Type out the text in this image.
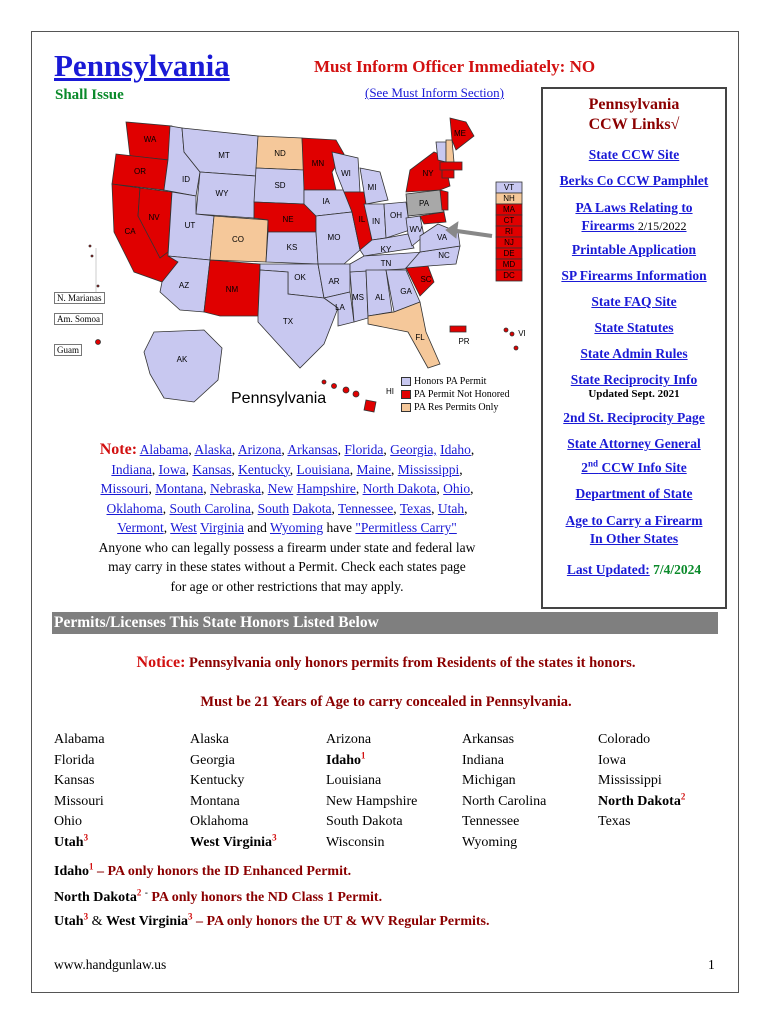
Pennsylvania
Shall Issue
Must Inform Officer Immediately: NO
(See Must Inform Section)
WA
OR
CA
NV
ID
MT
WY
UT
AZ
CO
NM
ND
SD
NE
KS
OK
TX
MN
IA
MO
AR
LA
WI
IL
MS
MI
IN
KY
TN
AL
OH
WV
GA
FL
SC
NC
VA
PA
NY
ME
AK
HI
PR
VI
VT
NH
MA
CT
RI
NJ
DE
MD
DC
N. Marianas
Am. Somoa
Guam
Pennsylvania
Honors PA Permit
PA Permit Not Honored
PA Res Permits Only
Pennsylvania
CCW Links√
State CCW Site
Berks Co CCW Pamphlet
PA Laws Relating to
Firearms 2/15/2022
Printable Application
SP Firearms Information
State FAQ Site
State Statutes
State Admin Rules
State Reciprocity Info
Updated Sept. 2021
2nd St. Reciprocity Page
State Attorney General
2nd CCW Info Site
Department of State
Age to Carry a Firearm
In Other States
Last Updated: 7/4/2024
Note: Alabama, Alaska, Arizona, Arkansas, Florida, Georgia, Idaho,
Indiana, Iowa, Kansas, Kentucky, Louisiana, Maine, Mississippi,
Missouri, Montana, Nebraska, New Hampshire, North Dakota, Ohio,
Oklahoma, South Carolina, South Dakota, Tennessee, Texas, Utah,
Vermont, West Virginia and Wyoming have "Permitless Carry"
Anyone who can legally possess a firearm under state and federal law
may carry in these states without a Permit. Check each states page
for age or other restrictions that may apply.
Permits/Licenses This State Honors Listed Below
Notice: Pennsylvania only honors permits from Residents of the states it honors.
Must be 21 Years of Age to carry concealed in Pennsylvania.
Alabama	Alaska	Arizona	Arkansas	Colorado
Florida	Georgia	Idaho$^1$	Indiana	Iowa
Kansas	Kentucky	Louisiana	Michigan	Mississippi
Missouri	Montana	New Hampshire	North Carolina	North Dakota$^2$
Ohio	Oklahoma	South Dakota	Tennessee	Texas
Utah$^3$	West Virginia$^3$	Wisconsin	Wyoming	
Idaho$^1$ – PA only honors the ID Enhanced Permit.
North Dakota$^2$ - PA only honors the ND Class 1 Permit.
Utah$^3$ & West Virginia$^3$ – PA only honors the UT & WV Regular Permits.
www.handgunlaw.us	1
